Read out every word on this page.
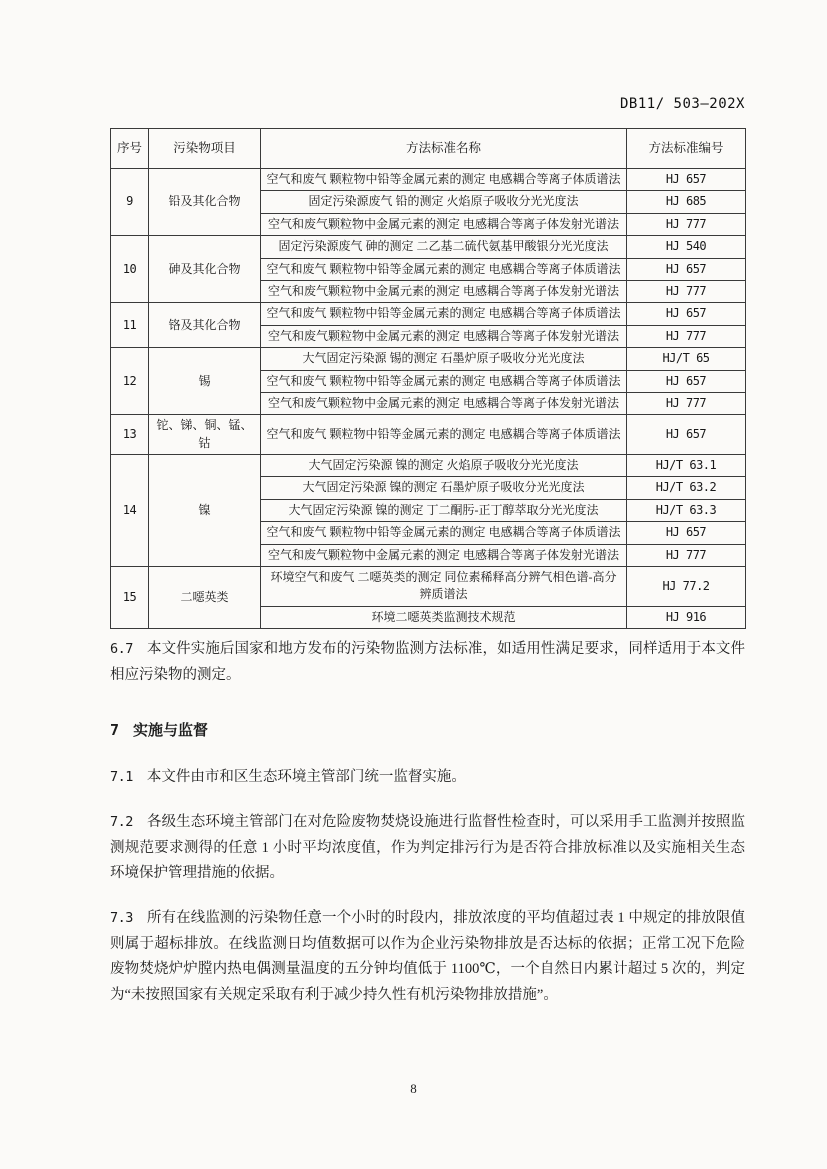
DB11/ 503—202X
序号	污染物项目	方法标准名称	方法标准编号
9	铅及其化合物	空气和废气 颗粒物中铅等金属元素的测定 电感耦合等离子体质谱法	HJ 657
		固定污染源废气 铅的测定 火焰原子吸收分光光度法	HJ 685
		空气和废气颗粒物中金属元素的测定 电感耦合等离子体发射光谱法	HJ 777
10	砷及其化合物	固定污染源废气 砷的测定 二乙基二硫代氨基甲酸银分光光度法	HJ 540
		空气和废气 颗粒物中铅等金属元素的测定 电感耦合等离子体质谱法	HJ 657
		空气和废气颗粒物中金属元素的测定 电感耦合等离子体发射光谱法	HJ 777
11	铬及其化合物	空气和废气 颗粒物中铅等金属元素的测定 电感耦合等离子体质谱法	HJ 657
		空气和废气颗粒物中金属元素的测定 电感耦合等离子体发射光谱法	HJ 777
12	锡	大气固定污染源 锡的测定 石墨炉原子吸收分光光度法	HJ/T 65
		空气和废气 颗粒物中铅等金属元素的测定 电感耦合等离子体质谱法	HJ 657
		空气和废气颗粒物中金属元素的测定 电感耦合等离子体发射光谱法	HJ 777
13	铊、锑、铜、锰、钴	空气和废气 颗粒物中铅等金属元素的测定 电感耦合等离子体质谱法	HJ 657
14	镍	大气固定污染源 镍的测定 火焰原子吸收分光光度法	HJ/T 63.1
		大气固定污染源 镍的测定 石墨炉原子吸收分光光度法	HJ/T 63.2
		大气固定污染源 镍的测定 丁二酮肟-正丁醇萃取分光光度法	HJ/T 63.3
		空气和废气 颗粒物中铅等金属元素的测定 电感耦合等离子体质谱法	HJ 657
		空气和废气颗粒物中金属元素的测定 电感耦合等离子体发射光谱法	HJ 777
15	二噁英类	环境空气和废气 二噁英类的测定 同位素稀释高分辨气相色谱-高分辨质谱法	HJ 77.2
		环境二噁英类监测技术规范	HJ 916

6.7 本文件实施后国家和地方发布的污染物监测方法标准，如适用性满足要求，同样适用于本文件相应污染物的测定。

7 实施与监督

7.1 本文件由市和区生态环境主管部门统一监督实施。

7.2 各级生态环境主管部门在对危险废物焚烧设施进行监督性检查时，可以采用手工监测并按照监测规范要求测得的任意 1 小时平均浓度值，作为判定排污行为是否符合排放标准以及实施相关生态环境保护管理措施的依据。

7.3 所有在线监测的污染物任意一个小时的时段内，排放浓度的平均值超过表 1 中规定的排放限值则属于超标排放。在线监测日均值数据可以作为企业污染物排放是否达标的依据；正常工况下危险废物焚烧炉炉膛内热电偶测量温度的五分钟均值低于 1100℃，一个自然日内累计超过 5 次的，判定为“未按照国家有关规定采取有利于减少持久性有机污染物排放措施”。

8
